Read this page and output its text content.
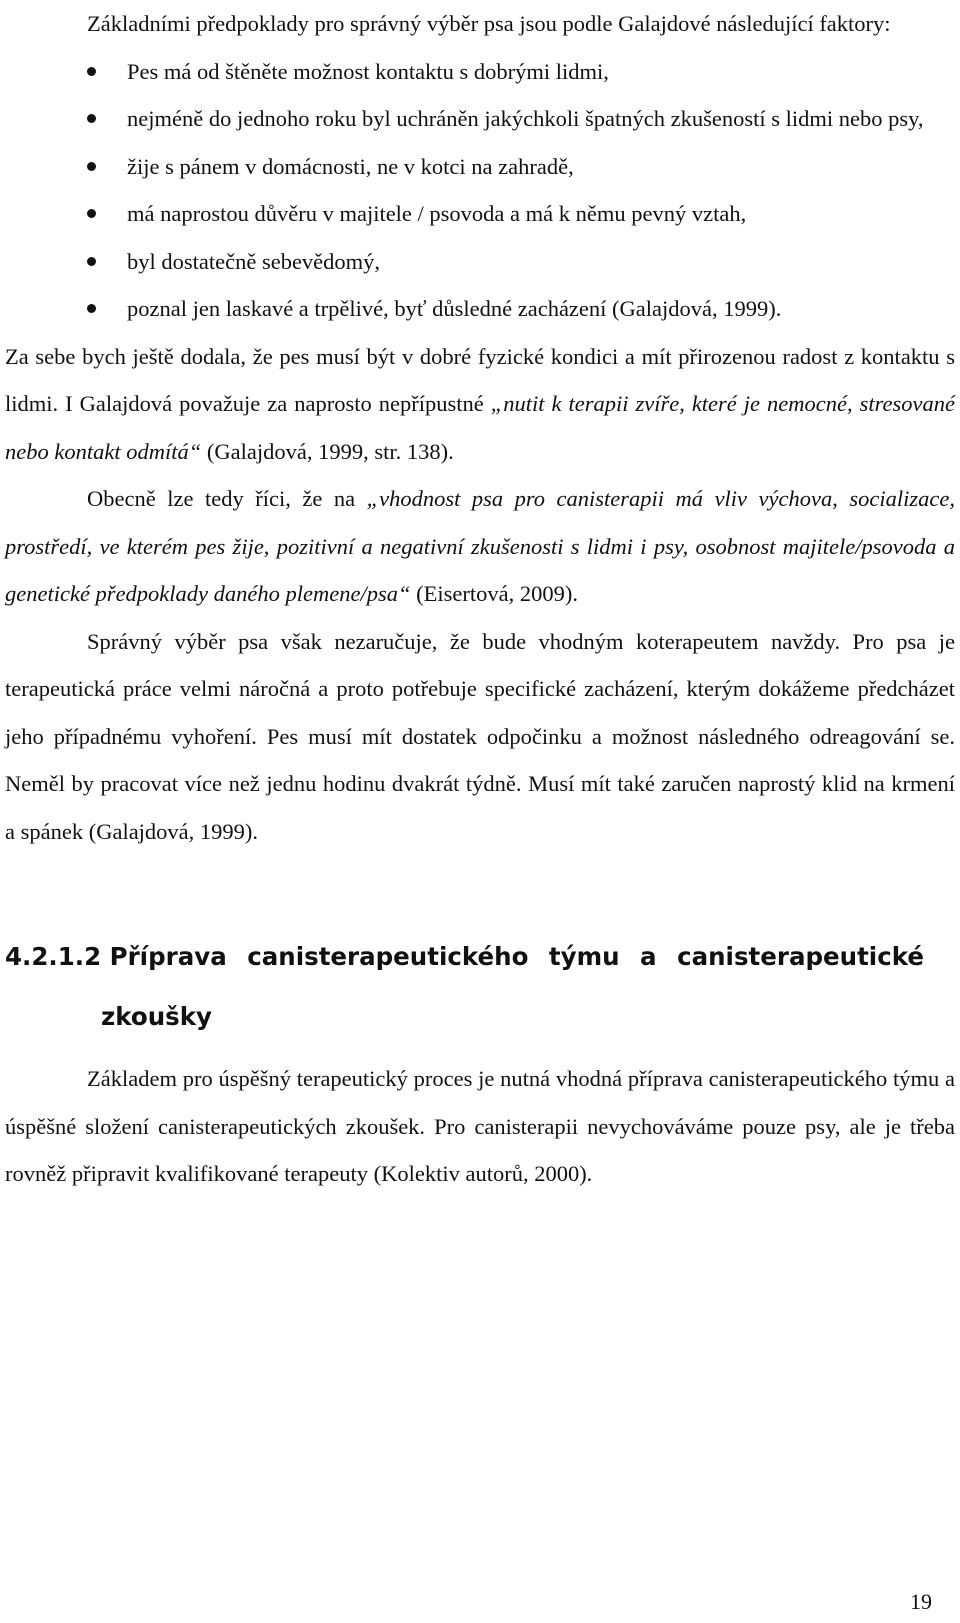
Základními předpoklady pro správný výběr psa jsou podle Galajdové následující faktory:

Pes má od štěněte možnost kontaktu s dobrými lidmi,
nejméně do jednoho roku byl uchráněn jakýchkoli špatných zkušeností s lidmi nebo psy,
žije s pánem v domácnosti, ne v kotci na zahradě,
má naprostou důvěru v majitele / psovoda a má k němu pevný vztah,
byl dostatečně sebevědomý,
poznal jen laskavé a trpělivé, byť důsledné zacházení (Galajdová, 1999).

Za sebe bych ještě dodala, že pes musí být v dobré fyzické kondici a mít přirozenou radost z kontaktu s lidmi. I Galajdová považuje za naprosto nepřípustné „nutit k terapii zvíře, které je nemocné, stresované nebo kontakt odmítá“ (Galajdová, 1999, str. 138).

Obecně lze tedy říci, že na „vhodnost psa pro canisterapii má vliv výchova, socializace, prostředí, ve kterém pes žije, pozitivní a negativní zkušenosti s lidmi i psy, osobnost majitele/psovoda a genetické předpoklady daného plemene/psa“ (Eisertová, 2009).

Správný výběr psa však nezaručuje, že bude vhodným koterapeutem navždy. Pro psa je terapeutická práce velmi náročná a proto potřebuje specifické zacházení, kterým dokážeme předcházet jeho případnému vyhoření. Pes musí mít dostatek odpočinku a možnost následného odreagování se. Neměl by pracovat více než jednu hodinu dvakrát týdně. Musí mít také zaručen naprostý klid na krmení a spánek (Galajdová, 1999).

4.2.1.2 Příprava canisterapeutického týmu a canisterapeutické
zkoušky

Základem pro úspěšný terapeutický proces je nutná vhodná příprava canisterapeutického týmu a úspěšné složení canisterapeutických zkoušek. Pro canisterapii nevychováváme pouze psy, ale je třeba rovněž připravit kvalifikované terapeuty (Kolektiv autorů, 2000).

19
